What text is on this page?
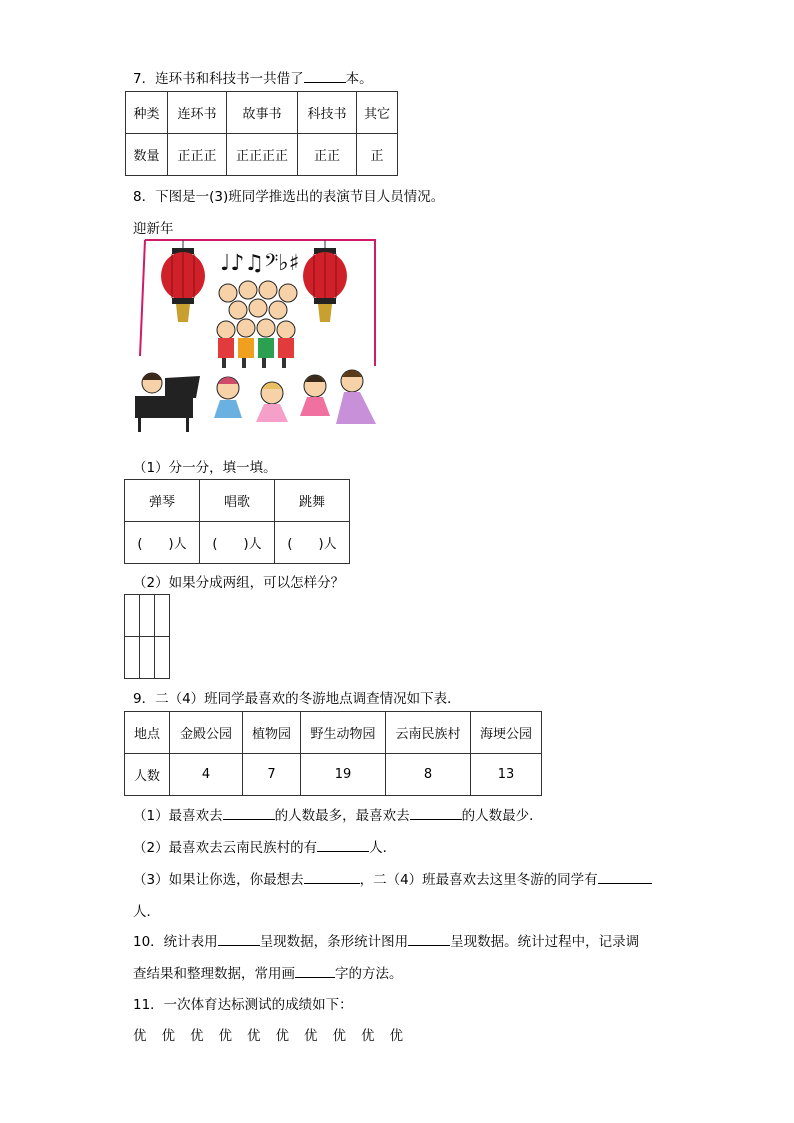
7．连环书和科技书一共借了	本。
种类	连环书	故事书	科技书	其它
数量	正正正	正正正正	正正	正
8．下图是一(3)班同学推选出的表演节目人员情况。
迎新年
♩♪♫𝄢♭♯
（1）分一分，填一填。
弹琴	唱歌	跳舞
(　　)人	(　　)人	(　　)人
（2）如果分成两组，可以怎样分？

9．二（4）班同学最喜欢的冬游地点调查情况如下表．
地点	金殿公园	植物园	野生动物园	云南民族村	海埂公园
人数	4	7	19	8	13
（1）最喜欢去	的人数最多，最喜欢去	的人数最少．
（2）最喜欢去云南民族村的有	人．
（3）如果让你选，你最想去	，二（4）班最喜欢去这里冬游的同学有
人．
10．统计表用	呈现数据，条形统计图用	呈现数据。统计过程中，记录调
查结果和整理数据，常用画	字的方法。
11．一次体育达标测试的成绩如下：
优 优 优 优 优 优 优 优 优 优
